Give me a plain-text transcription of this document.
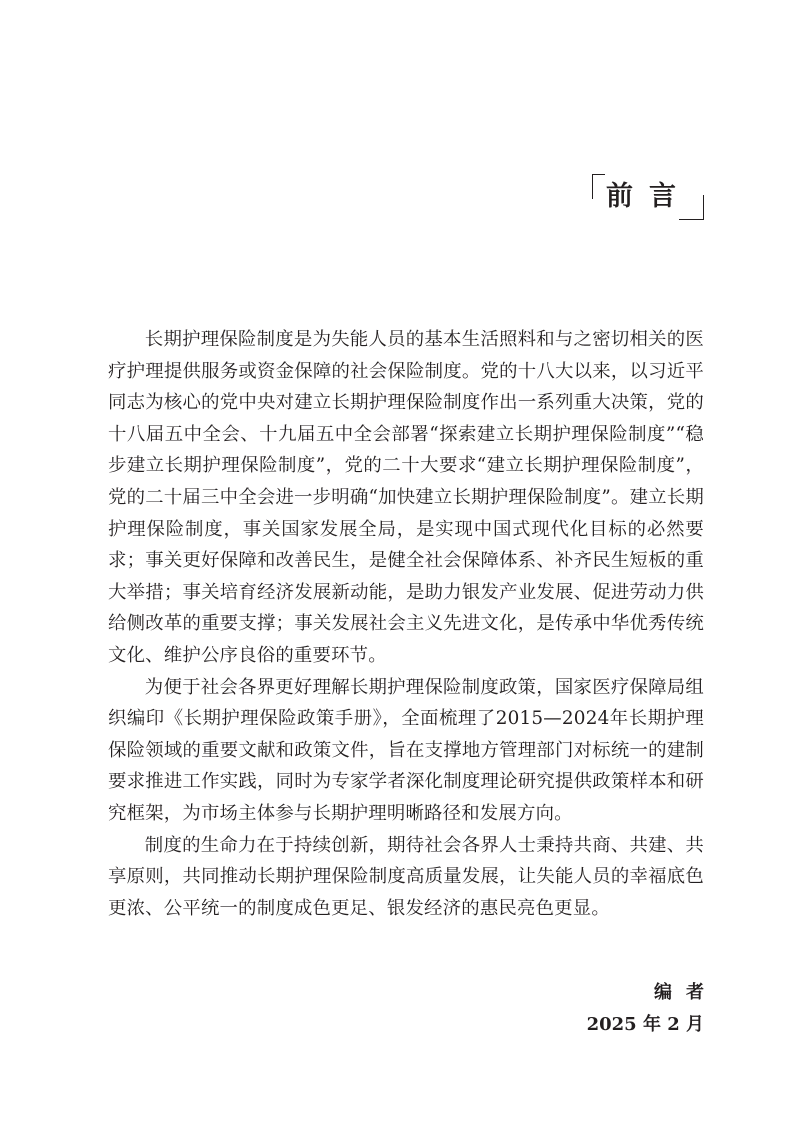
前言

长期护理保险制度是为失能人员的基本生活照料和与之密切相关的医疗护理提供服务或资金保障的社会保险制度。党的十八大以来，以习近平同志为核心的党中央对建立长期护理保险制度作出一系列重大决策，党的十八届五中全会、十九届五中全会部署“探索建立长期护理保险制度”“稳步建立长期护理保险制度”，党的二十大要求“建立长期护理保险制度”，党的二十届三中全会进一步明确“加快建立长期护理保险制度”。建立长期护理保险制度，事关国家发展全局，是实现中国式现代化目标的必然要求；事关更好保障和改善民生，是健全社会保障体系、补齐民生短板的重大举措；事关培育经济发展新动能，是助力银发产业发展、促进劳动力供给侧改革的重要支撑；事关发展社会主义先进文化，是传承中华优秀传统文化、维护公序良俗的重要环节。

为便于社会各界更好理解长期护理保险制度政策，国家医疗保障局组织编印《长期护理保险政策手册》，全面梳理了2015—2024年长期护理保险领域的重要文献和政策文件，旨在支撑地方管理部门对标统一的建制要求推进工作实践，同时为专家学者深化制度理论研究提供政策样本和研究框架，为市场主体参与长期护理明晰路径和发展方向。

制度的生命力在于持续创新，期待社会各界人士秉持共商、共建、共享原则，共同推动长期护理保险制度高质量发展，让失能人员的幸福底色更浓、公平统一的制度成色更足、银发经济的惠民亮色更显。

编者
2025 年 2 月
